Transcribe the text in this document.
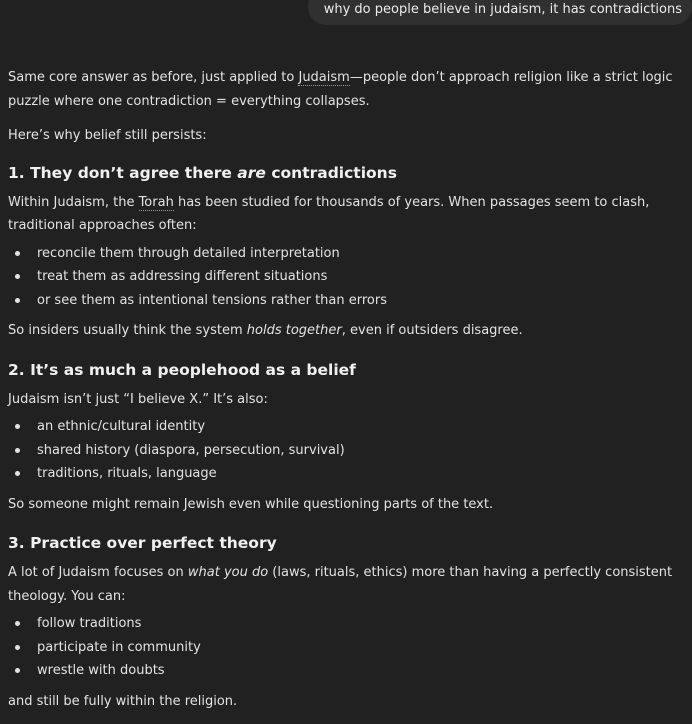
why do people believe in judaism, it has contradictions

Same core answer as before, just applied to Judaism—people don’t approach religion like a strict logic puzzle where one contradiction = everything collapses.

Here’s why belief still persists:

1. They don’t agree there are contradictions

Within Judaism, the Torah has been studied for thousands of years. When passages seem to clash, traditional approaches often:

reconcile them through detailed interpretation
treat them as addressing different situations
or see them as intentional tensions rather than errors

So insiders usually think the system holds together, even if outsiders disagree.

2. It’s as much a peoplehood as a belief

Judaism isn’t just “I believe X.” It’s also:

an ethnic/cultural identity
shared history (diaspora, persecution, survival)
traditions, rituals, language

So someone might remain Jewish even while questioning parts of the text.

3. Practice over perfect theory

A lot of Judaism focuses on what you do (laws, rituals, ethics) more than having a perfectly consistent theology. You can:

follow traditions
participate in community
wrestle with doubts

and still be fully within the religion.
